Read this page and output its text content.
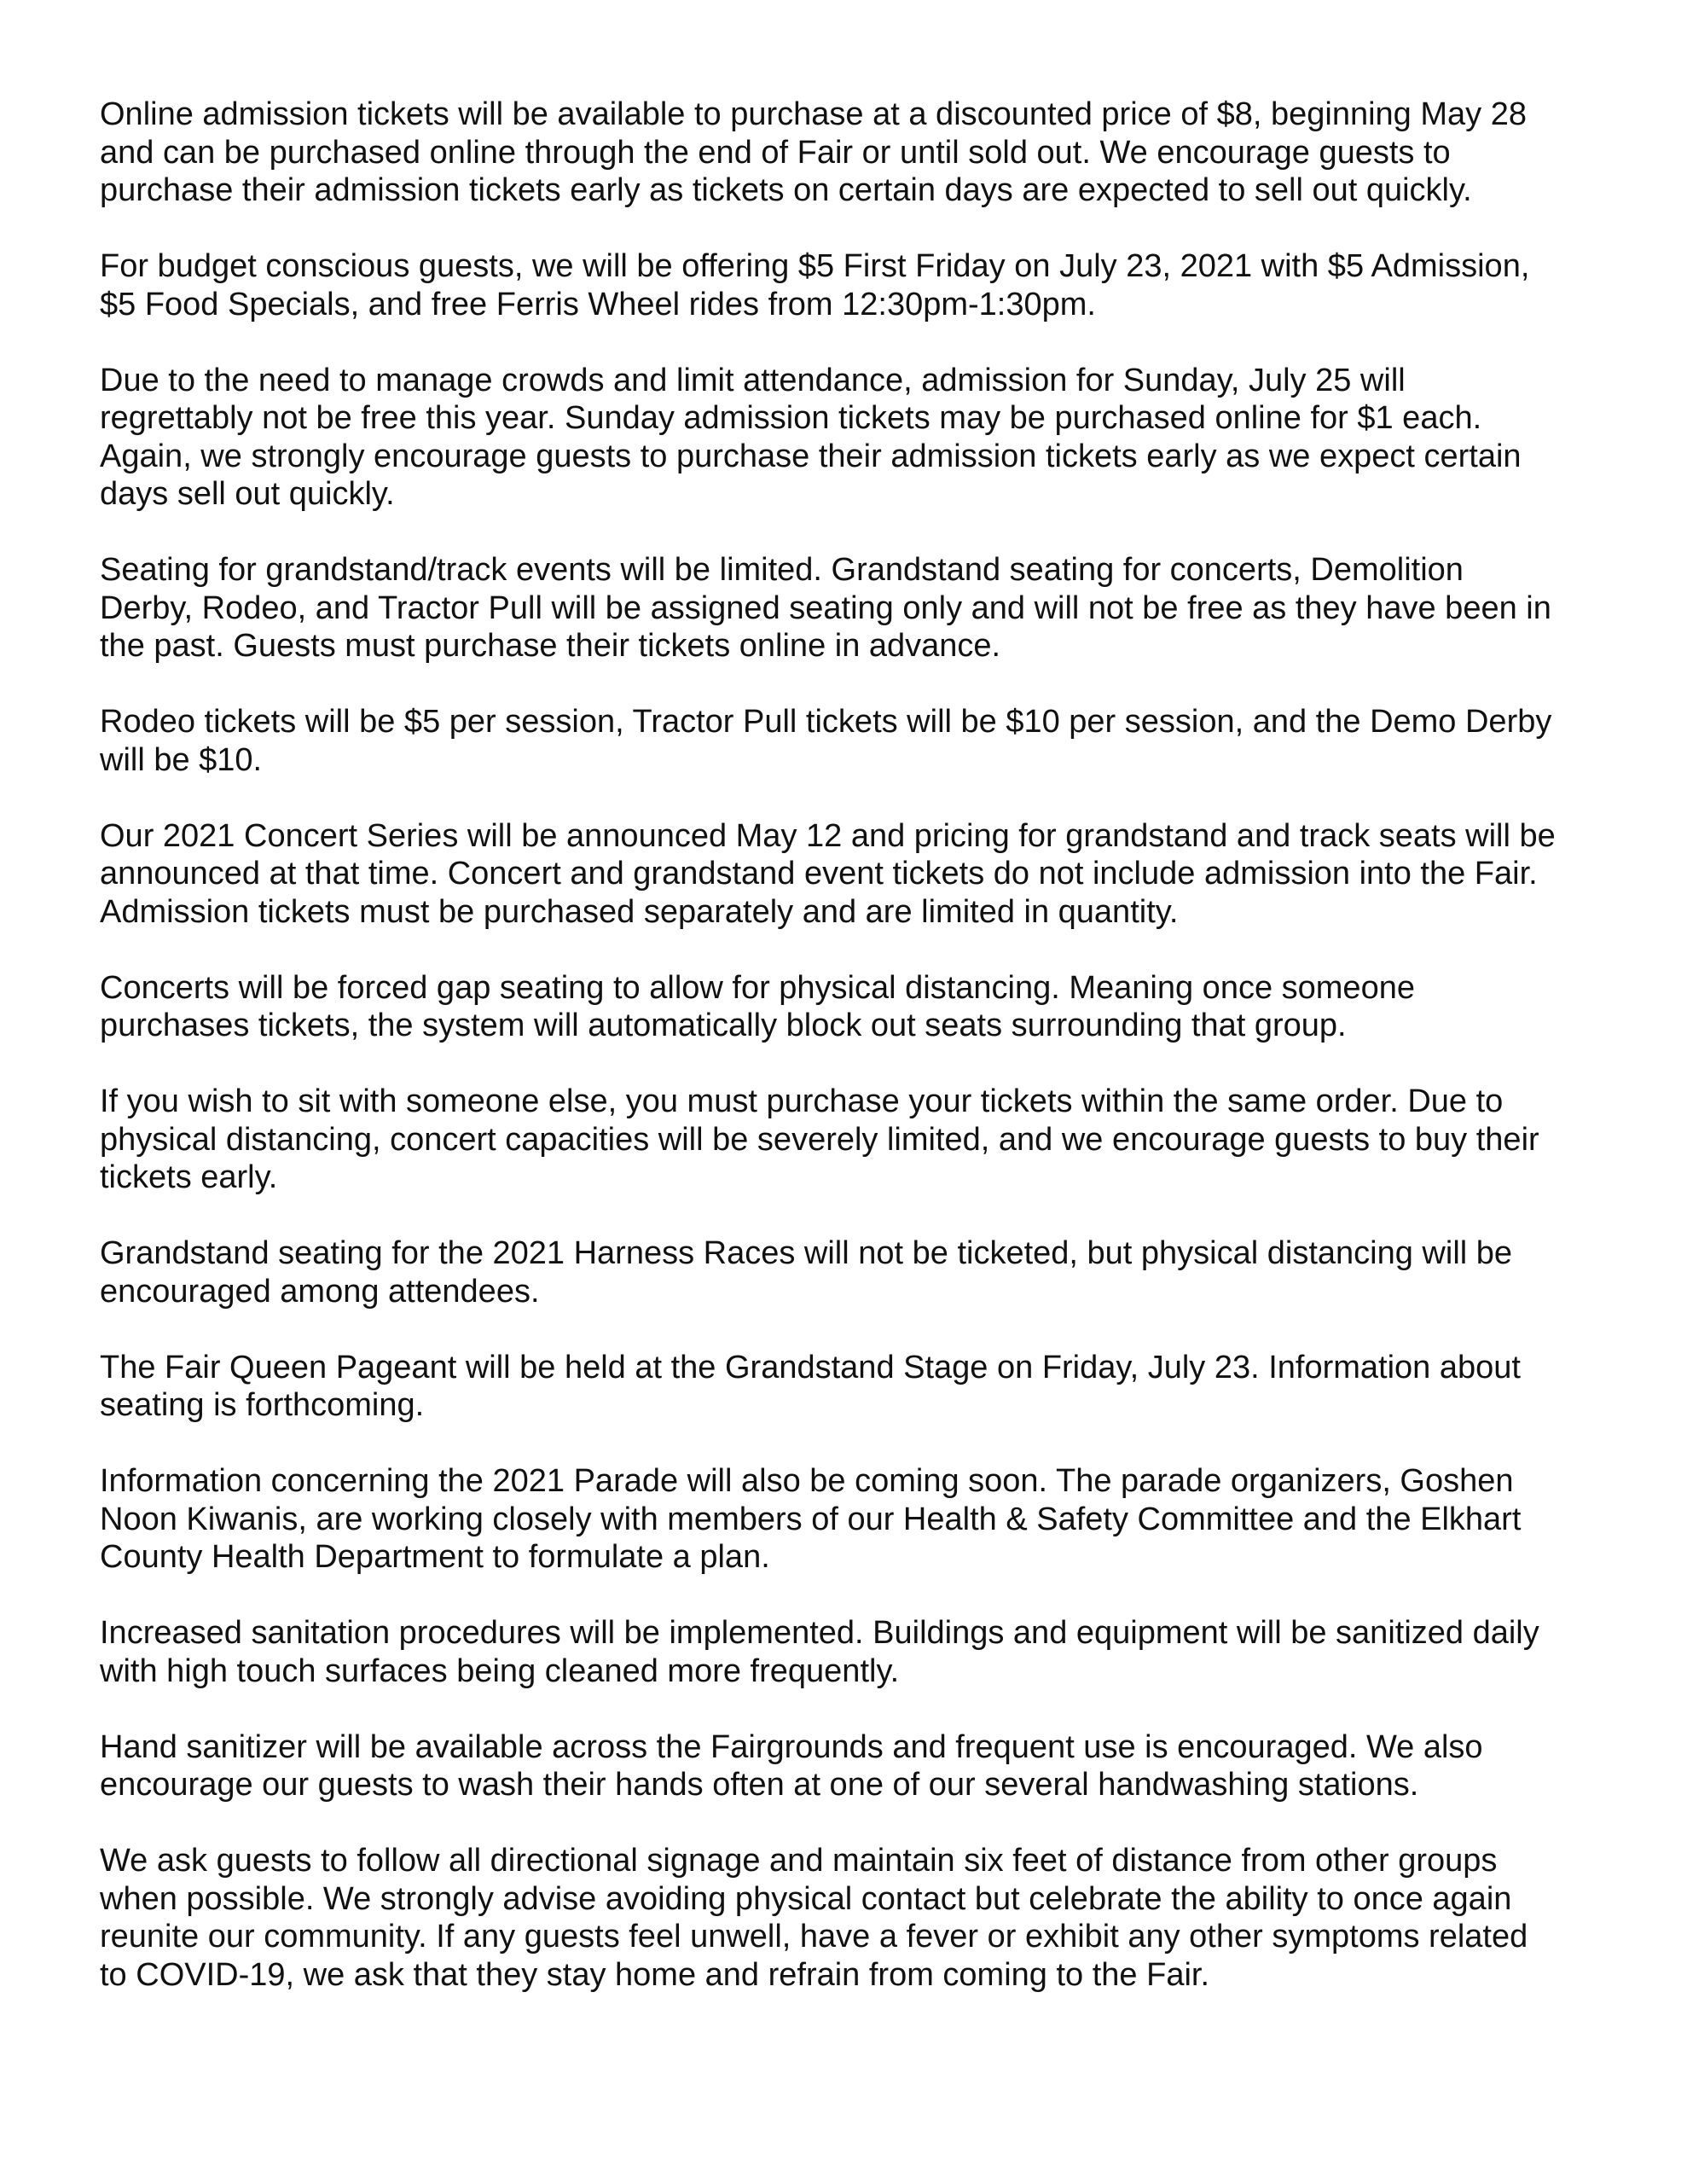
Online admission tickets will be available to purchase at a discounted price of $8, beginning May 28
and can be purchased online through the end of Fair or until sold out. We encourage guests to
purchase their admission tickets early as tickets on certain days are expected to sell out quickly.

For budget conscious guests, we will be offering $5 First Friday on July 23, 2021 with $5 Admission,
$5 Food Specials, and free Ferris Wheel rides from 12:30pm-1:30pm.

Due to the need to manage crowds and limit attendance, admission for Sunday, July 25 will
regrettably not be free this year. Sunday admission tickets may be purchased online for $1 each.
Again, we strongly encourage guests to purchase their admission tickets early as we expect certain
days sell out quickly.

Seating for grandstand/track events will be limited. Grandstand seating for concerts, Demolition
Derby, Rodeo, and Tractor Pull will be assigned seating only and will not be free as they have been in
the past. Guests must purchase their tickets online in advance.

Rodeo tickets will be $5 per session, Tractor Pull tickets will be $10 per session, and the Demo Derby
will be $10.

Our 2021 Concert Series will be announced May 12 and pricing for grandstand and track seats will be
announced at that time. Concert and grandstand event tickets do not include admission into the Fair.
Admission tickets must be purchased separately and are limited in quantity.

Concerts will be forced gap seating to allow for physical distancing. Meaning once someone
purchases tickets, the system will automatically block out seats surrounding that group.

If you wish to sit with someone else, you must purchase your tickets within the same order. Due to
physical distancing, concert capacities will be severely limited, and we encourage guests to buy their
tickets early.

Grandstand seating for the 2021 Harness Races will not be ticketed, but physical distancing will be
encouraged among attendees.

The Fair Queen Pageant will be held at the Grandstand Stage on Friday, July 23. Information about
seating is forthcoming.

Information concerning the 2021 Parade will also be coming soon. The parade organizers, Goshen
Noon Kiwanis, are working closely with members of our Health & Safety Committee and the Elkhart
County Health Department to formulate a plan.

Increased sanitation procedures will be implemented. Buildings and equipment will be sanitized daily
with high touch surfaces being cleaned more frequently.

Hand sanitizer will be available across the Fairgrounds and frequent use is encouraged. We also
encourage our guests to wash their hands often at one of our several handwashing stations.

We ask guests to follow all directional signage and maintain six feet of distance from other groups
when possible. We strongly advise avoiding physical contact but celebrate the ability to once again
reunite our community. If any guests feel unwell, have a fever or exhibit any other symptoms related
to COVID-19, we ask that they stay home and refrain from coming to the Fair.
